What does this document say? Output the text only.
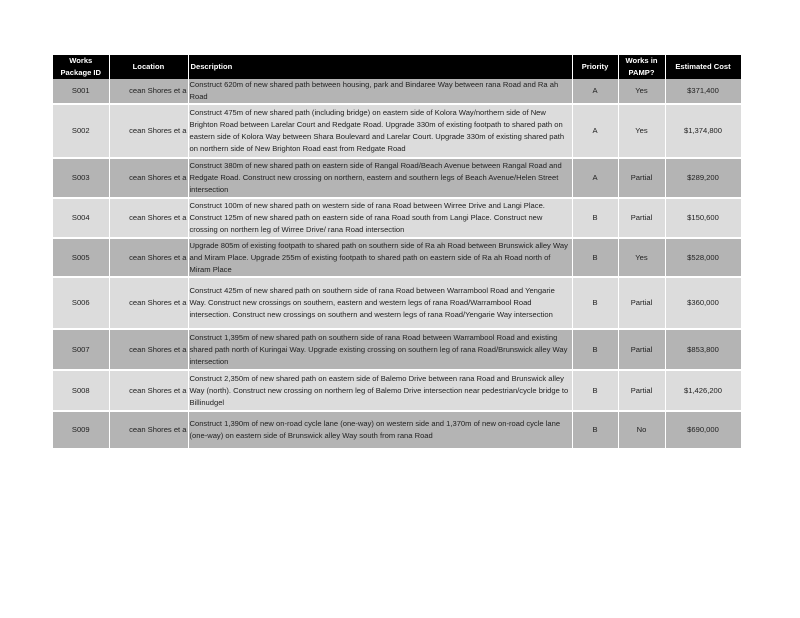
Works Package ID	Location	Description	Priority	Works in PAMP?	Estimated Cost
S001	cean Shores et a	Construct 620m of new shared path between housing, park and Bindaree Way between rana Road and Ra ah Road	A	Yes	$371,400
S002	cean Shores et a	Construct 475m of new shared path (including bridge) on eastern side of Kolora Way/northern side of New Brighton Road between Larelar Court and Redgate Road. Upgrade 330m of existing footpath to shared path on eastern side of Kolora Way between Shara Boulevard and Larelar Court. Upgrade 330m of existing shared path on northern side of New Brighton Road east from Redgate Road	A	Yes	$1,374,800
S003	cean Shores et a	Construct 380m of new shared path on eastern side of Rangal Road/Beach Avenue between Rangal Road and Redgate Road. Construct new crossing on northern, eastern and southern legs of Beach Avenue/Helen Street intersection	A	Partial	$289,200
S004	cean Shores et a	Construct 100m of new shared path on western side of rana Road between Wirree Drive and Langi Place. Construct 125m of new shared path on eastern side of rana Road south from Langi Place. Construct new crossing on northern leg of Wirree Drive/ rana Road intersection	B	Partial	$150,600
S005	cean Shores et a	Upgrade 805m of existing footpath to shared path on southern side of Ra ah Road between Brunswick alley Way and Miram Place. Upgrade 255m of existing footpath to shared path on eastern side of Ra ah Road north of Miram Place	B	Yes	$528,000
S006	cean Shores et a	Construct 425m of new shared path on southern side of rana Road between Warrambool Road and Yengarie Way. Construct new crossings on southern, eastern and western legs of rana Road/Warrambool Road intersection. Construct new crossings on southern and western legs of rana Road/Yengarie Way intersection	B	Partial	$360,000
S007	cean Shores et a	Construct 1,395m of new shared path on southern side of rana Road between Warrambool Road and existing shared path north of Kuringai Way. Upgrade existing crossing on southern leg of rana Road/Brunswick alley Way intersection	B	Partial	$853,800
S008	cean Shores et a	Construct 2,350m of new shared path on eastern side of Balemo Drive between rana Road and Brunswick alley Way (north). Construct new crossing on northern leg of Balemo Drive intersection near pedestrian/cycle bridge to Billinudgel	B	Partial	$1,426,200
S009	cean Shores et a	Construct 1,390m of new on-road cycle lane (one-way) on western side and 1,370m of new on-road cycle lane (one-way) on eastern side of Brunswick alley Way south from rana Road	B	No	$690,000
